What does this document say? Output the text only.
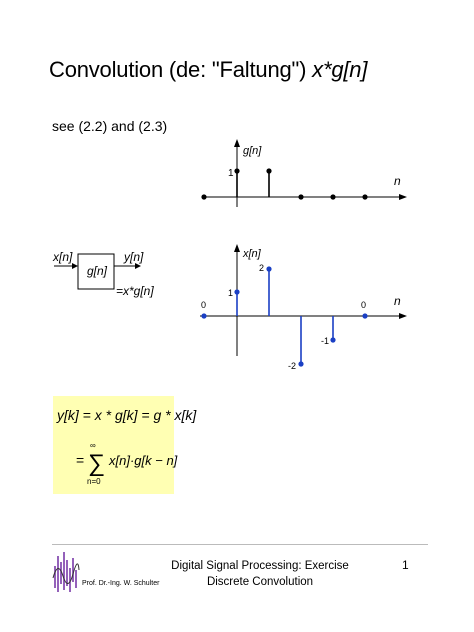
Convolution (de: "Faltung") x*g[n]
see (2.2) and (2.3)
1
g[n]
n
x[n]
g[n]
y[n]
=x*g[n]
x[n]
n
0
1
2
-2
-1
0
y[k] = x * g[k] = g * x[k]
= ∑
∞
n=0
x[n]·g[k − n]
Prof. Dr.-Ing. W. Schulter
Digital Signal Processing: Exercise
Discrete Convolution
1
